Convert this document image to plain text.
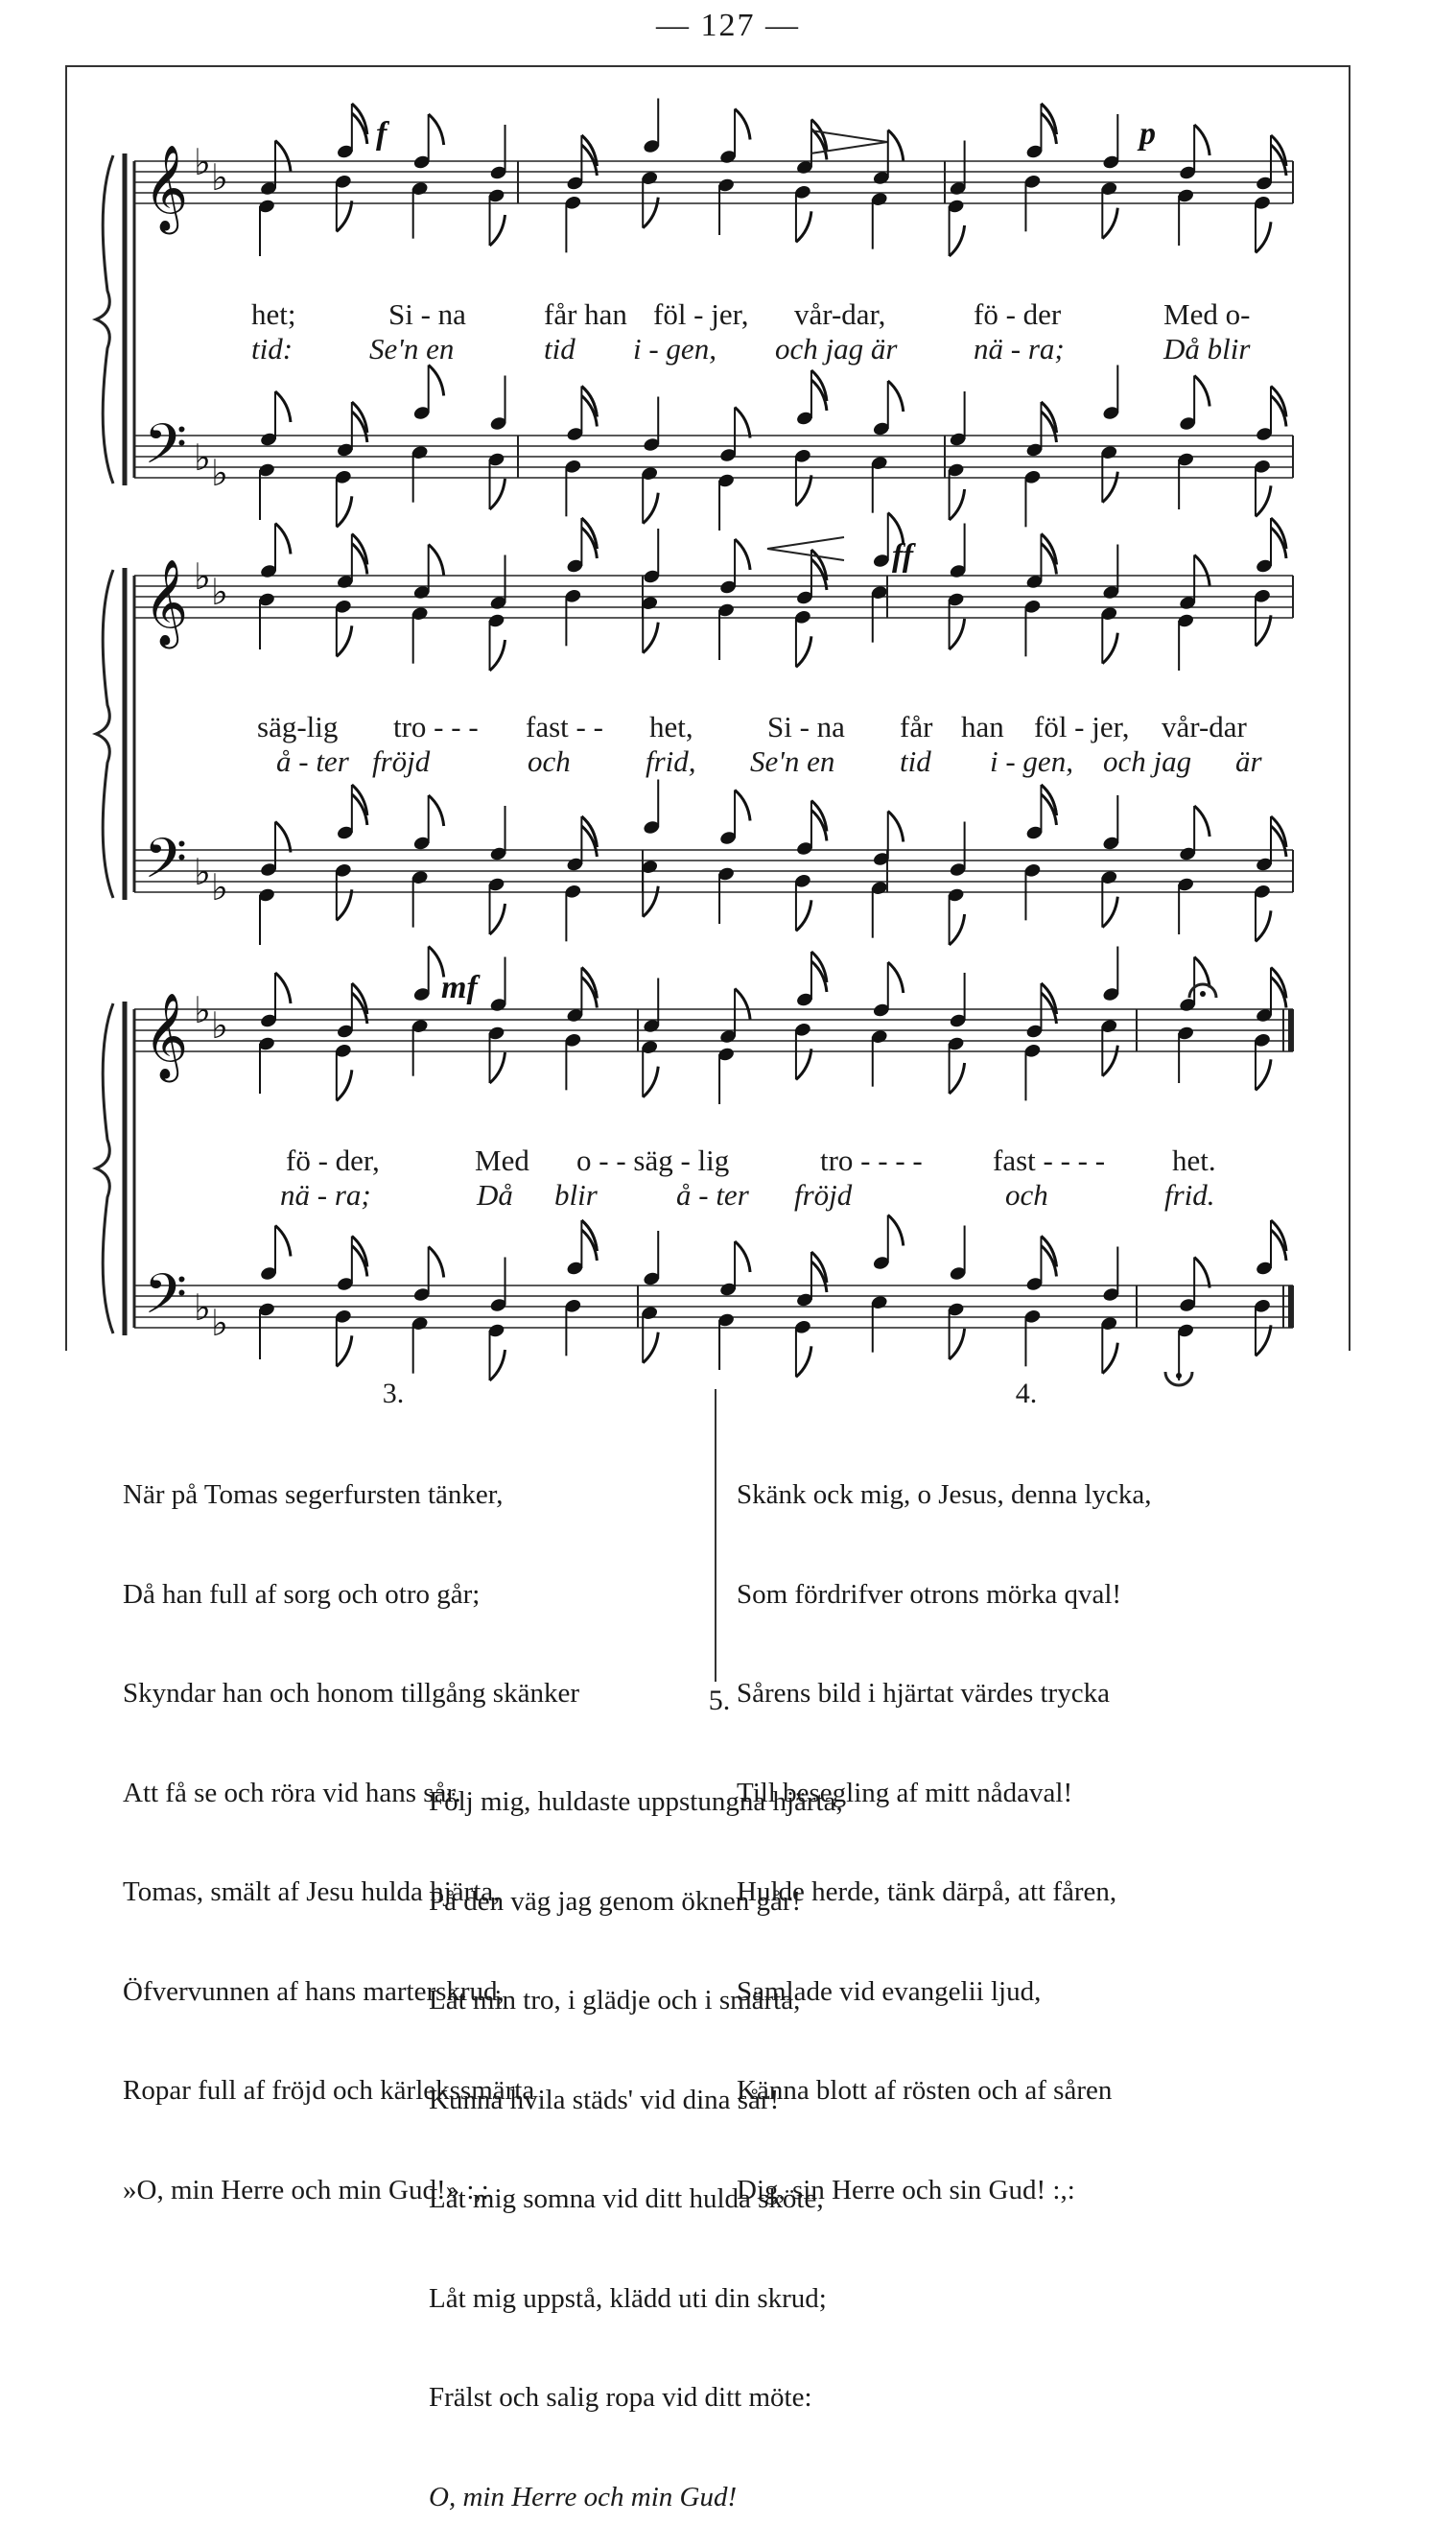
— 127 —
𝄞 ♭ ♭
𝄢 ♭ ♭
𝄞 ♭ ♭
𝄢 ♭ ♭
𝄞 ♭ ♭
𝄢 ♭ ♭
f	p
ff
mf
het;	Si - na	får han föl - jer, vår-dar,	fö - der	Med o-
tid:	Se'n en	tid i - gen, och jag är	nä - ra;	Då blir
säg-lig tro - - - fast - - het, Si - na får han föl - jer, vår-dar
å - ter fröjd	och	frid, Se'n en tid i - gen, och jag är
fö - der,	Med o - - säg - lig	tro - - - - fast - - - - het.
nä - ra;	Då blir	å - ter fröjd	och	frid.
3.

När på Tomas segerfursten tänker,

Då han full af sorg och otro går;

Skyndar han och honom tillgång skänker

Att få se och röra vid hans sår.

Tomas, smält af Jesu hulda hjärta,

Öfvervunnen af hans marterskrud,

Ropar full af fröjd och kärlekssmärta

»O, min Herre och min Gud!» :,:

4.

Skänk ock mig, o Jesus, denna lycka,

Som fördrifver otrons mörka qval!

Sårens bild i hjärtat värdes trycka

Till besegling af mitt nådaval!

Hulde herde, tänk därpå, att fåren,

Samlade vid evangelii ljud,

Känna blott af rösten och af såren

Dig, sin Herre och sin Gud! :,:

5.

Följ mig, huldaste uppstungna hjärta,

På den väg jag genom öknen går!

Låt min tro, i glädje och i smärta,

Kunna hvila städs' vid dina sår!

Låt mig somna vid ditt hulda sköte,

Låt mig uppstå, klädd uti din skrud;

Frälst och salig ropa vid ditt möte:

O, min Herre och min Gud!
